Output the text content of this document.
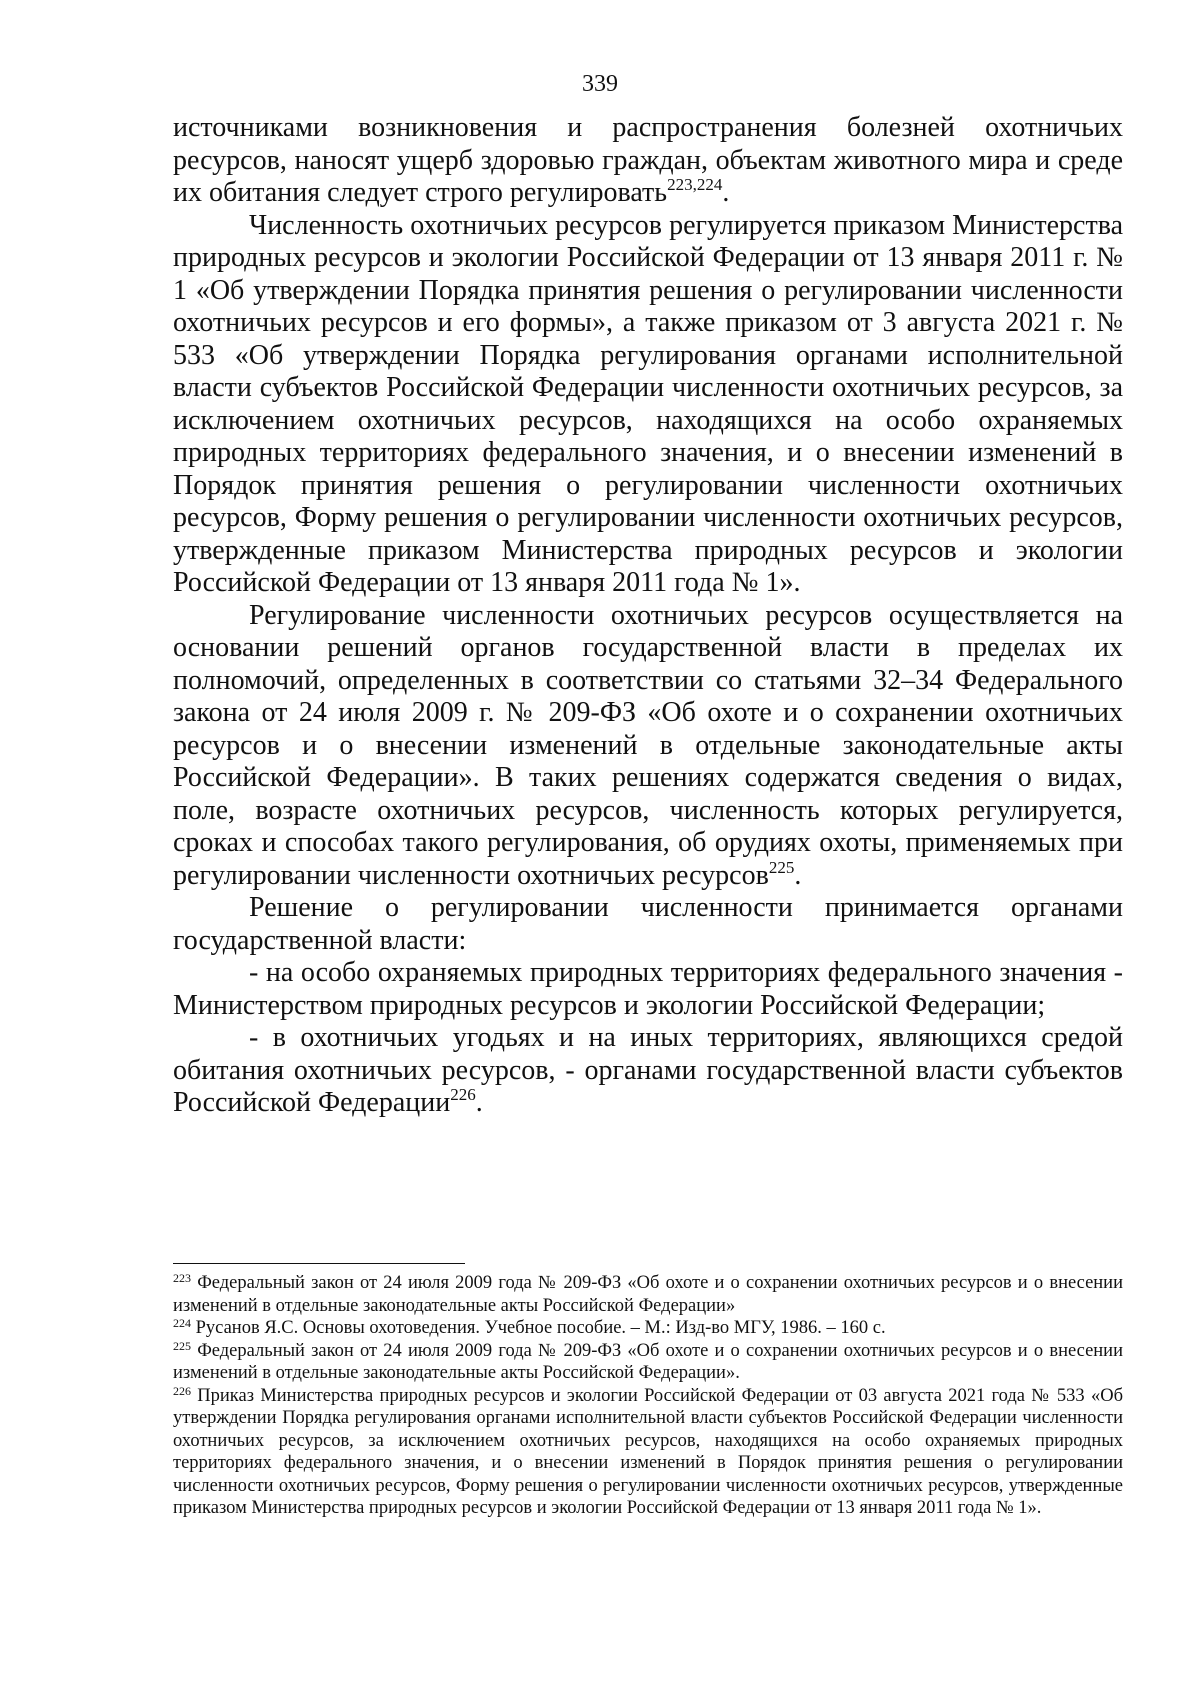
339

источниками возникновения и распространения болезней охотничьих ресурсов, наносят ущерб здоровью граждан, объектам животного мира и среде их обитания следует строго регулировать$^{223,224}$.

Численность охотничьих ресурсов регулируется приказом Министерства природных ресурсов и экологии Российской Федерации от 13 января 2011 г. № 1 «Об утверждении Порядка принятия решения о регулировании численности охотничьих ресурсов и его формы», а также приказом от 3 августа 2021 г. № 533 «Об утверждении Порядка регулирования органами исполнительной власти субъектов Российской Федерации численности охотничьих ресурсов, за исключением охотничьих ресурсов, находящихся на особо охраняемых природных территориях федерального значения, и о внесении изменений в Порядок принятия решения о регулировании численности охотничьих ресурсов, Форму решения о регулировании численности охотничьих ресурсов, утвержденные приказом Министерства природных ресурсов и экологии Российской Федерации от 13 января 2011 года № 1».

Регулирование численности охотничьих ресурсов осуществляется на основании решений органов государственной власти в пределах их полномочий, определенных в соответствии со статьями 32–34 Федерального закона от 24 июля 2009 г. № 209-ФЗ «Об охоте и о сохранении охотничьих ресурсов и о внесении изменений в отдельные законодательные акты Российской Федерации». В таких решениях содержатся сведения о видах, поле, возрасте охотничьих ресурсов, численность которых регулируется, сроках и способах такого регулирования, об орудиях охоты, применяемых при регулировании численности охотничьих ресурсов$^{225}$.

Решение о регулировании численности принимается органами государственной власти:

- на особо охраняемых природных территориях федерального значения - Министерством природных ресурсов и экологии Российской Федерации;

- в охотничьих угодьях и на иных территориях, являющихся средой обитания охотничьих ресурсов, - органами государственной власти субъектов Российской Федерации$^{226}$.

$^{223}$ Федеральный закон от 24 июля 2009 года № 209-ФЗ «Об охоте и о сохранении охотничьих ресурсов и о внесении изменений в отдельные законодательные акты Российской Федерации»

$^{224}$ Русанов Я.С. Основы охотоведения. Учебное пособие. – М.: Изд-во МГУ, 1986. – 160 с.

$^{225}$ Федеральный закон от 24 июля 2009 года № 209-ФЗ «Об охоте и о сохранении охотничьих ресурсов и о внесении изменений в отдельные законодательные акты Российской Федерации».

$^{226}$ Приказ Министерства природных ресурсов и экологии Российской Федерации от 03 августа 2021 года № 533 «Об утверждении Порядка регулирования органами исполнительной власти субъектов Российской Федерации численности охотничьих ресурсов, за исключением охотничьих ресурсов, находящихся на особо охраняемых природных территориях федерального значения, и о внесении изменений в Порядок принятия решения о регулировании численности охотничьих ресурсов, Форму решения о регулировании численности охотничьих ресурсов, утвержденные приказом Министерства природных ресурсов и экологии Российской Федерации от 13 января 2011 года № 1».
